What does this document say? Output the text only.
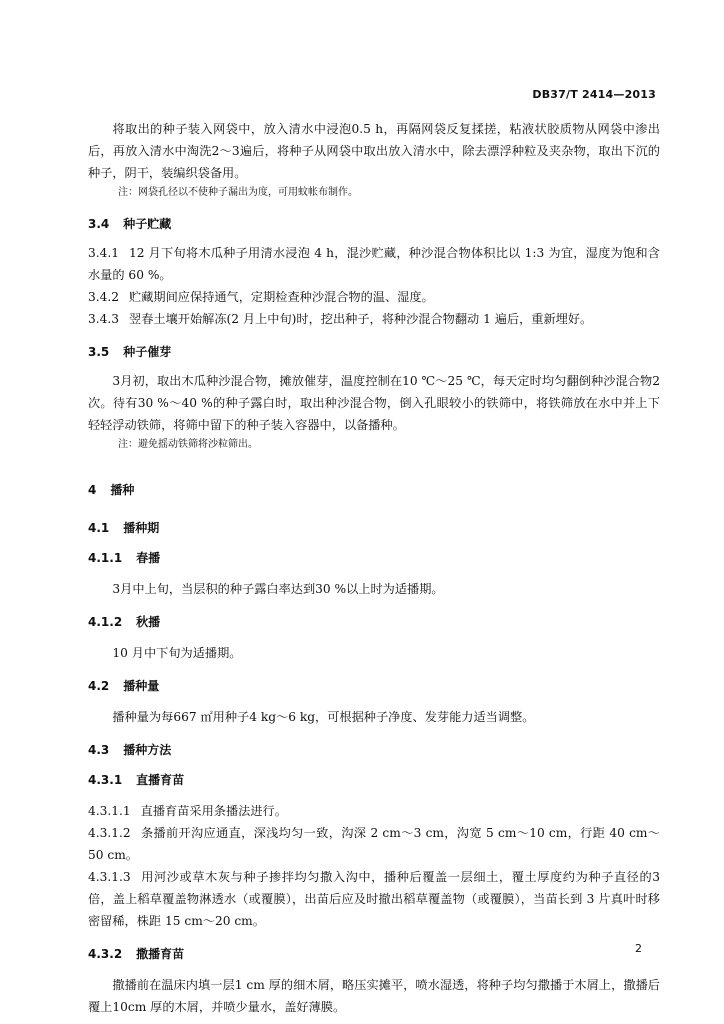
DB37/T 2414—2013

将取出的种子装入网袋中，放入清水中浸泡0.5 h，再隔网袋反复揉搓，粘液状胶质物从网袋中渗出后，再放入清水中淘洗2～3遍后，将种子从网袋中取出放入清水中，除去漂浮种粒及夹杂物，取出下沉的种子，阴干，装编织袋备用。

注：网袋孔径以不使种子漏出为度，可用蚊帐布制作。

3.4 种子贮藏

3.4.1 12 月下旬将木瓜种子用清水浸泡 4 h，混沙贮藏，种沙混合物体积比以 1:3 为宜，湿度为饱和含水量的 60 %。

3.4.2 贮藏期间应保持通气，定期检查种沙混合物的温、湿度。

3.4.3 翌春土壤开始解冻(2 月上中旬)时，挖出种子，将种沙混合物翻动 1 遍后，重新埋好。

3.5 种子催芽

3月初，取出木瓜种沙混合物，摊放催芽，温度控制在10 ℃～25 ℃，每天定时均匀翻倒种沙混合物2次。待有30 %～40 %的种子露白时，取出种沙混合物，倒入孔眼较小的铁筛中，将铁筛放在水中并上下轻轻浮动铁筛，将筛中留下的种子装入容器中，以备播种。

注：避免摇动铁筛将沙粒筛出。

4 播种
4.1 播种期
4.1.1 春播

3月中上旬，当层积的种子露白率达到30 %以上时为适播期。

4.1.2 秋播

10 月中下旬为适播期。

4.2 播种量

播种量为每667 ㎡用种子4 kg～6 kg，可根据种子净度、发芽能力适当调整。

4.3 播种方法
4.3.1 直播育苗

4.3.1.1 直播育苗采用条播法进行。

4.3.1.2 条播前开沟应通直，深浅均匀一致，沟深 2 cm～3 cm，沟宽 5 cm～10 cm，行距 40 cm～50 cm。

4.3.1.3 用河沙或草木灰与种子掺拌均匀撒入沟中，播种后覆盖一层细土，覆土厚度约为种子直径的3 倍，盖上稻草覆盖物淋透水（或覆膜），出苗后应及时撤出稻草覆盖物（或覆膜），当苗长到 3 片真叶时移密留稀，株距 15 cm～20 cm。

4.3.2 撒播育苗

撒播前在温床内填一层1 cm 厚的细木屑，略压实摊平，喷水湿透，将种子均匀撒播于木屑上，撒播后覆上10cm 厚的木屑，并喷少量水，盖好薄膜。

2
